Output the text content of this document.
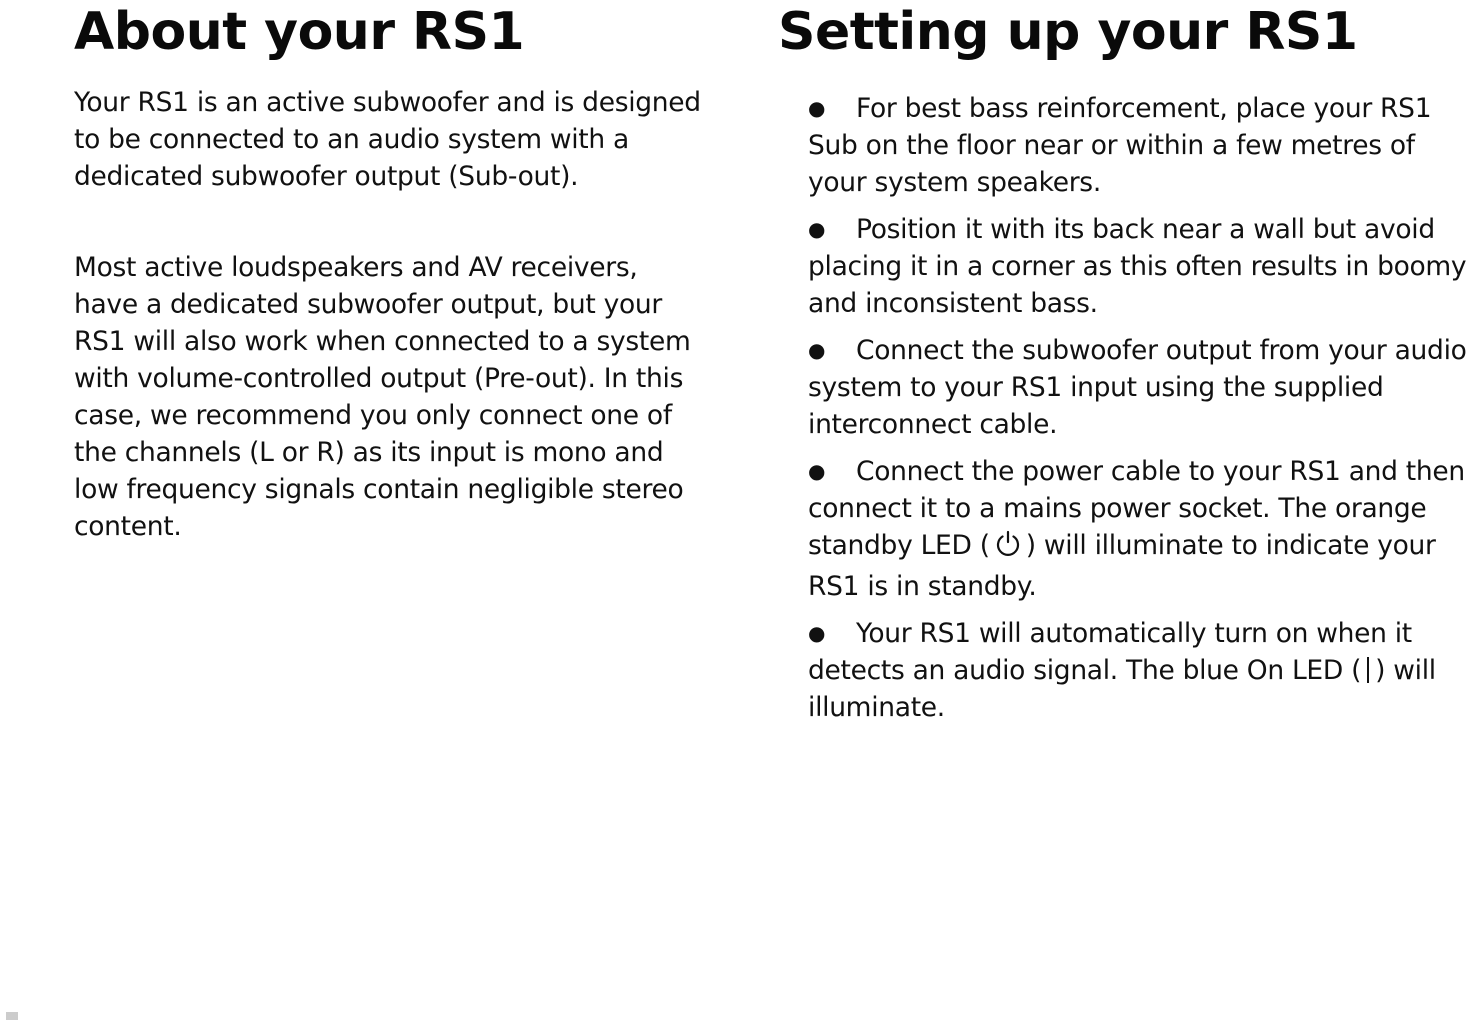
About your RS1

Your RS1 is an active subwoofer and is designed to be connected to an audio system with a dedicated subwoofer output (Sub-out).

Most active loudspeakers and AV receivers, have a dedicated subwoofer output, but your RS1 will also work when connected to a system with volume-controlled output (Pre-out). In this case, we recommend you only connect one of the channels (L or R) as its input is mono and low frequency signals contain negligible stereo content.

Setting up your RS1
● For best bass reinforcement, place your RS1 Sub on the floor near or within a few metres of your system speakers.
● Position it with its back near a wall but avoid placing it in a corner as this often results in boomy and inconsistent bass.
● Connect the subwoofer output from your audio system to your RS1 input using the supplied interconnect cable.
● Connect the power cable to your RS1 and then connect it to a mains power socket. The orange standby LED ( ) will illuminate to indicate your RS1 is in standby.
● Your RS1 will automatically turn on when it detects an audio signal. The blue On LED ( ) will illuminate.
